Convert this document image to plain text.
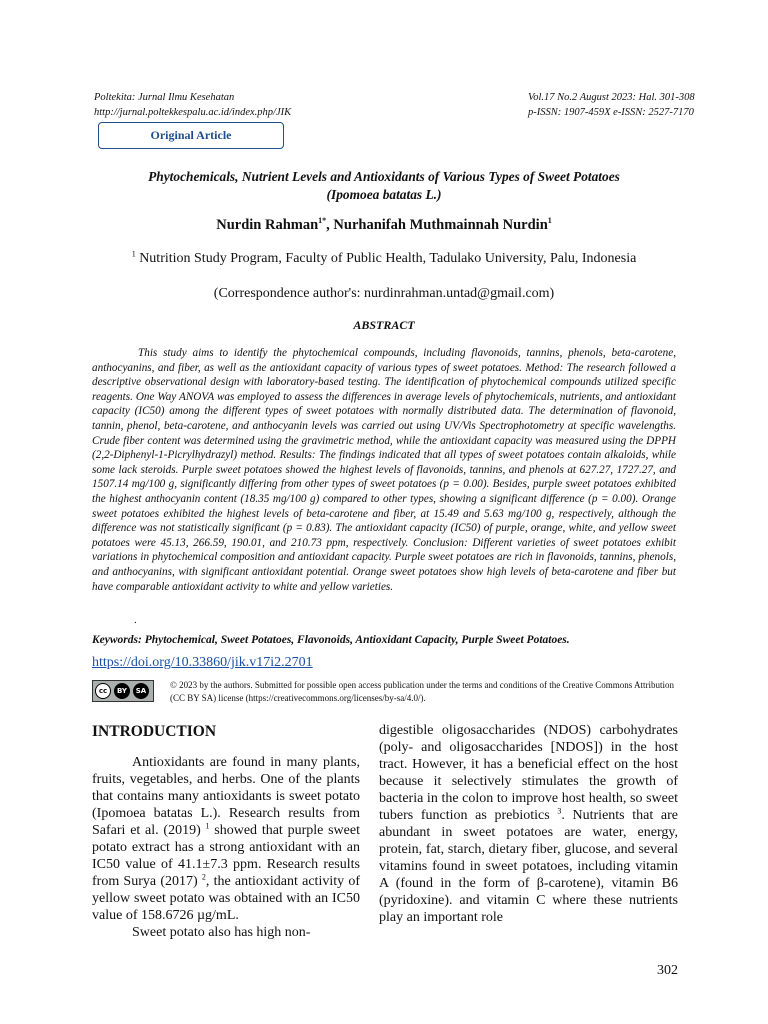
Poltekita: Jurnal Ilmu Kesehatan
http://jurnal.poltekkespalu.ac.id/index.php/JIK
Vol.17 No.2 August 2023: Hal. 301-308
p-ISSN: 1907-459X e-ISSN: 2527-7170
Original Article
Phytochemicals, Nutrient Levels and Antioxidants of Various Types of Sweet Potatoes
(Ipomoea batatas L.)
Nurdin Rahman$^{1*}$, Nurhanifah Muthmainnah Nurdin$^1$
$^1$ Nutrition Study Program, Faculty of Public Health, Tadulako University, Palu, Indonesia
(Correspondence author's: nurdinrahman.untad@gmail.com)
ABSTRACT
This study aims to identify the phytochemical compounds, including flavonoids, tannins, phenols, beta-carotene, anthocyanins, and fiber, as well as the antioxidant capacity of various types of sweet potatoes. Method: The research followed a descriptive observational design with laboratory-based testing. The identification of phytochemical compounds utilized specific reagents. One Way ANOVA was employed to assess the differences in average levels of phytochemicals, nutrients, and antioxidant capacity (IC50) among the different types of sweet potatoes with normally distributed data. The determination of flavonoid, tannin, phenol, beta-carotene, and anthocyanin levels was carried out using UV/Vis Spectrophotometry at specific wavelengths. Crude fiber content was determined using the gravimetric method, while the antioxidant capacity was measured using the DPPH (2,2-Diphenyl-1-Picrylhydrazyl) method. Results: The findings indicated that all types of sweet potatoes contain alkaloids, while some lack steroids. Purple sweet potatoes showed the highest levels of flavonoids, tannins, and phenols at 627.27, 1727.27, and 1507.14 mg/100 g, significantly differing from other types of sweet potatoes (p = 0.00). Besides, purple sweet potatoes exhibited the highest anthocyanin content (18.35 mg/100 g) compared to other types, showing a significant difference (p = 0.00). Orange sweet potatoes exhibited the highest levels of beta-carotene and fiber, at 15.49 and 5.63 mg/100 g, respectively, although the difference was not statistically significant (p = 0.83). The antioxidant capacity (IC50) of purple, orange, white, and yellow sweet potatoes were 45.13, 266.59, 190.01, and 210.73 ppm, respectively. Conclusion: Different varieties of sweet potatoes exhibit variations in phytochemical composition and antioxidant capacity. Purple sweet potatoes are rich in flavonoids, tannins, phenols, and anthocyanins, with significant antioxidant potential. Orange sweet potatoes show high levels of beta-carotene and fiber but have comparable antioxidant activity to white and yellow varieties.
.
Keywords: Phytochemical, Sweet Potatoes, Flavonoids, Antioxidant Capacity, Purple Sweet Potatoes.
https://doi.org/10.33860/jik.v17i2.2701
cc	BY	SA
© 2023 by the authors. Submitted for possible open access publication under the terms and conditions of the Creative Commons Attribution (CC BY SA) license (https://creativecommons.org/licenses/by-sa/4.0/).
INTRODUCTION

Antioxidants are found in many plants, fruits, vegetables, and herbs. One of the plants that contains many antioxidants is sweet potato (Ipomoea batatas L.). Research results from Safari et al. (2019) $^1$ showed that purple sweet potato extract has a strong antioxidant with an IC50 value of 41.1±7.3 ppm. Research results from Surya (2017) $^2$, the antioxidant activity of yellow sweet potato was obtained with an IC50 value of 158.6726 µg/mL.

Sweet potato also has high non-

digestible oligosaccharides (NDOS) carbohydrates (poly- and oligosaccharides [NDOS]) in the host tract. However, it has a beneficial effect on the host because it selectively stimulates the growth of bacteria in the colon to improve host health, so sweet tubers function as prebiotics $^3$. Nutrients that are abundant in sweet potatoes are water, energy, protein, fat, starch, dietary fiber, glucose, and several vitamins found in sweet potatoes, including vitamin A (found in the form of β-carotene), vitamin B6 (pyridoxine). and vitamin C where these nutrients play an important role

302
